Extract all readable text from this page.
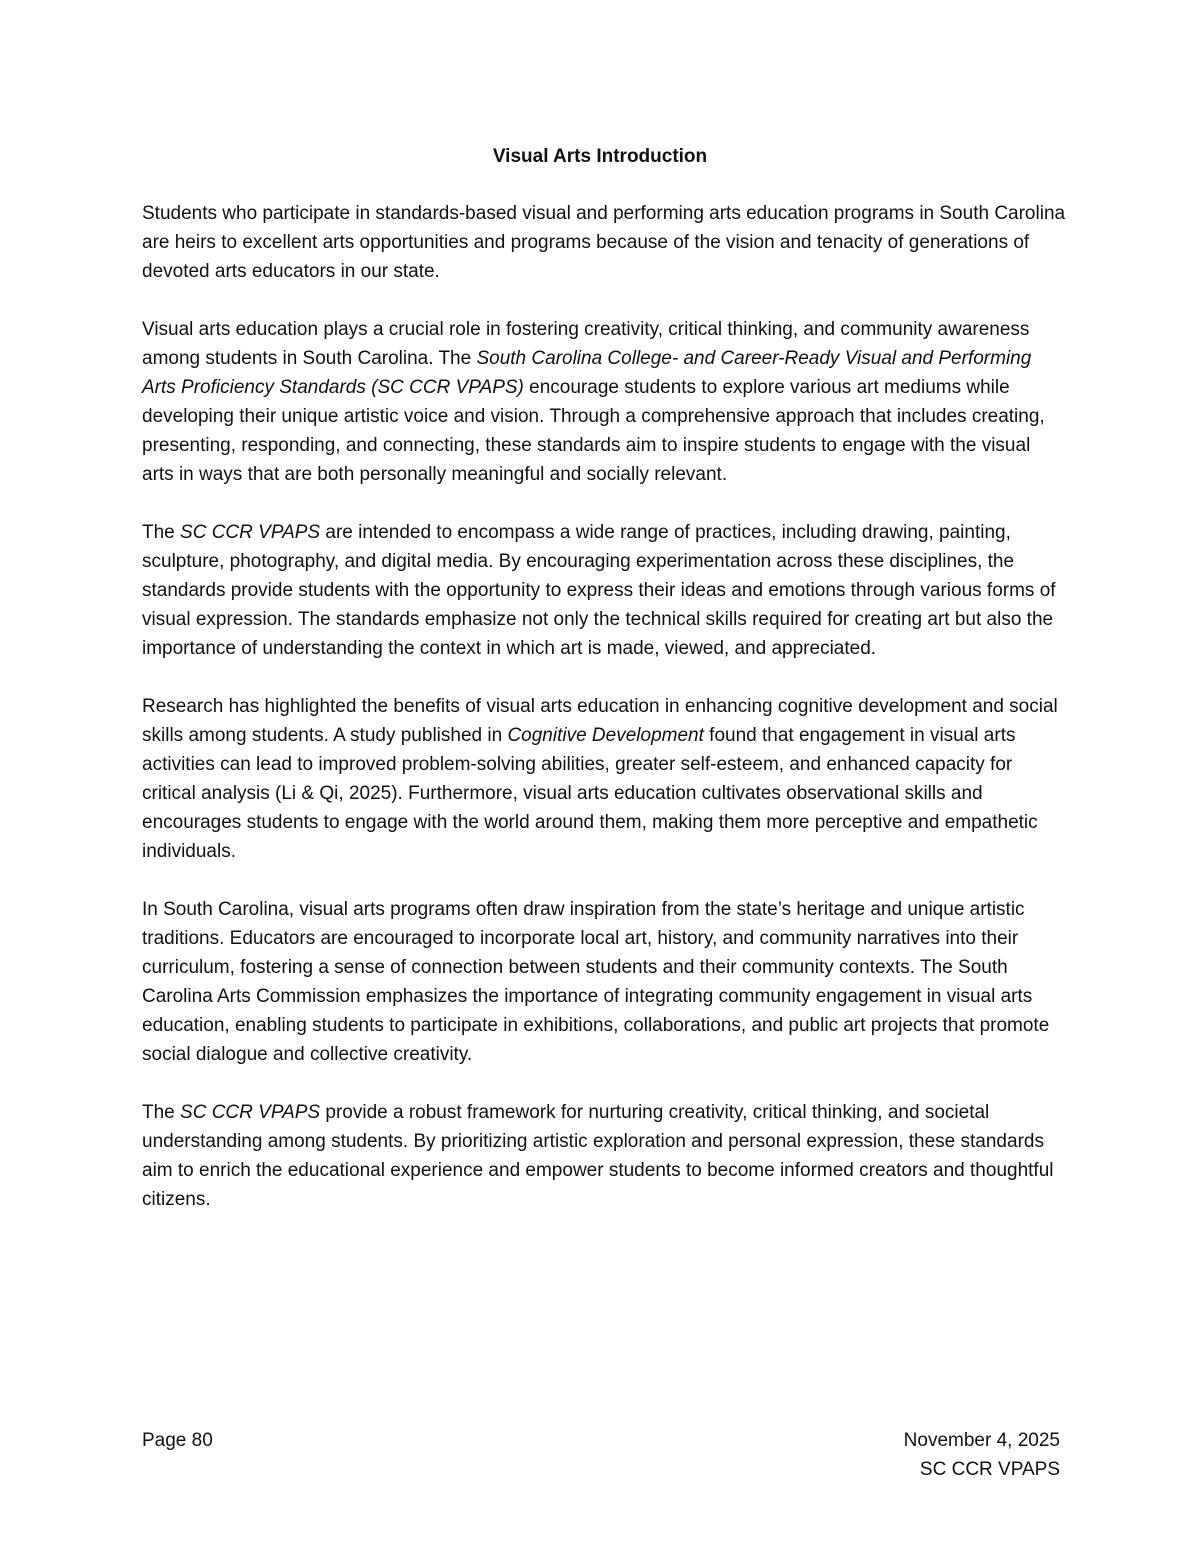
Visual Arts Introduction

Students who participate in standards-based visual and performing arts education programs in South Carolina are heirs to excellent arts opportunities and programs because of the vision and tenacity of generations of devoted arts educators in our state.

Visual arts education plays a crucial role in fostering creativity, critical thinking, and community awareness among students in South Carolina. The South Carolina College- and Career-Ready Visual and Performing Arts Proficiency Standards (SC CCR VPAPS) encourage students to explore various art mediums while developing their unique artistic voice and vision. Through a comprehensive approach that includes creating, presenting, responding, and connecting, these standards aim to inspire students to engage with the visual arts in ways that are both personally meaningful and socially relevant.

The SC CCR VPAPS are intended to encompass a wide range of practices, including drawing, painting, sculpture, photography, and digital media. By encouraging experimentation across these disciplines, the standards provide students with the opportunity to express their ideas and emotions through various forms of visual expression. The standards emphasize not only the technical skills required for creating art but also the importance of understanding the context in which art is made, viewed, and appreciated.

Research has highlighted the benefits of visual arts education in enhancing cognitive development and social skills among students. A study published in Cognitive Development found that engagement in visual arts activities can lead to improved problem-solving abilities, greater self-esteem, and enhanced capacity for critical analysis (Li & Qi, 2025). Furthermore, visual arts education cultivates observational skills and encourages students to engage with the world around them, making them more perceptive and empathetic individuals.

In South Carolina, visual arts programs often draw inspiration from the state’s heritage and unique artistic traditions. Educators are encouraged to incorporate local art, history, and community narratives into their curriculum, fostering a sense of connection between students and their community contexts. The South Carolina Arts Commission emphasizes the importance of integrating community engagement in visual arts education, enabling students to participate in exhibitions, collaborations, and public art projects that promote social dialogue and collective creativity.

The SC CCR VPAPS provide a robust framework for nurturing creativity, critical thinking, and societal understanding among students. By prioritizing artistic exploration and personal expression, these standards aim to enrich the educational experience and empower students to become informed creators and thoughtful citizens.

Page 80	November 4, 2025
SC CCR VPAPS
